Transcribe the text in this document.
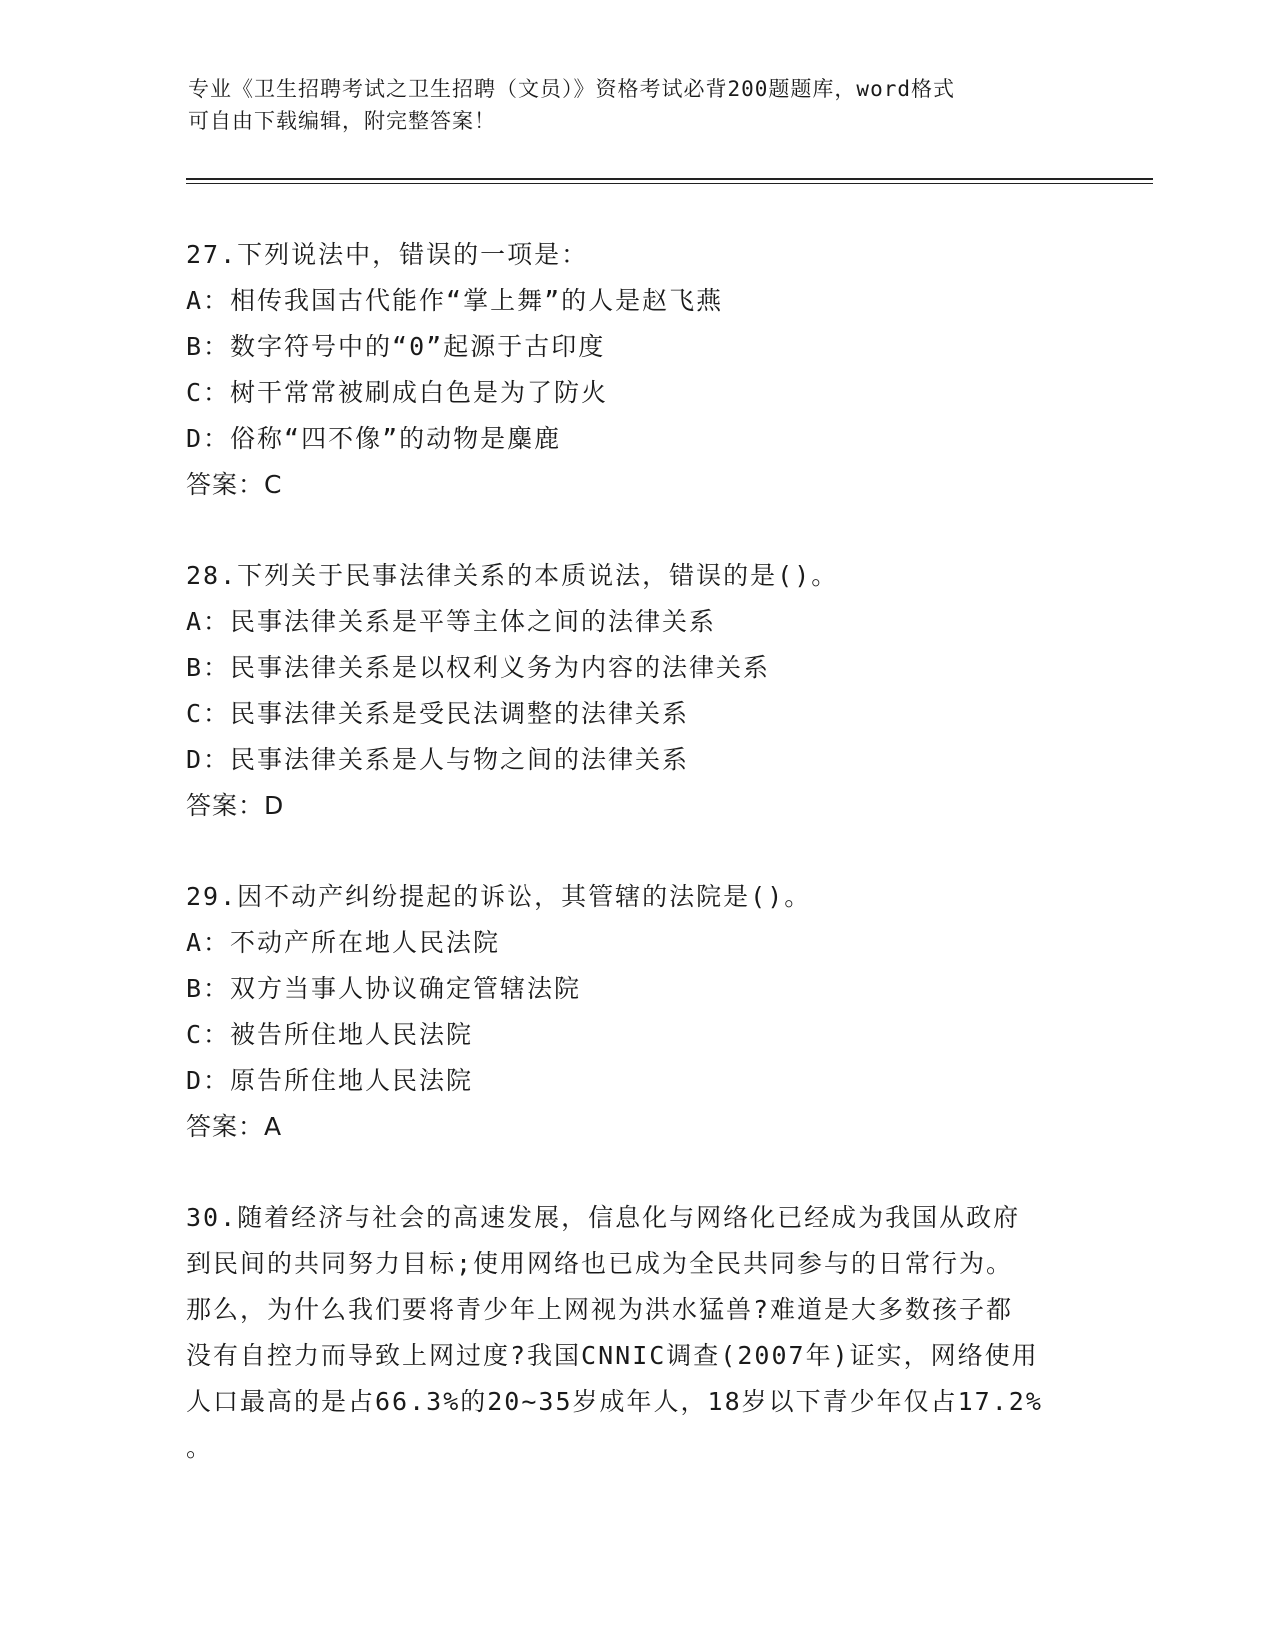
专业《卫生招聘考试之卫生招聘（文员）》资格考试必背200题题库，word格式
可自由下载编辑，附完整答案！
27.下列说法中，错误的一项是：
A：相传我国古代能作“掌上舞”的人是赵飞燕
B：数字符号中的“0”起源于古印度
C：树干常常被刷成白色是为了防火
D：俗称“四不像”的动物是麋鹿
答案：C
28.下列关于民事法律关系的本质说法，错误的是()。
A：民事法律关系是平等主体之间的法律关系
B：民事法律关系是以权利义务为内容的法律关系
C：民事法律关系是受民法调整的法律关系
D：民事法律关系是人与物之间的法律关系
答案：D
29.因不动产纠纷提起的诉讼，其管辖的法院是()。
A：不动产所在地人民法院
B：双方当事人协议确定管辖法院
C：被告所住地人民法院
D：原告所住地人民法院
答案：A
30.随着经济与社会的高速发展，信息化与网络化已经成为我国从政府
到民间的共同努力目标;使用网络也已成为全民共同参与的日常行为。
那么，为什么我们要将青少年上网视为洪水猛兽?难道是大多数孩子都
没有自控力而导致上网过度?我国CNNIC调查(2007年)证实，网络使用
人口最高的是占66.3%的20~35岁成年人，18岁以下青少年仅占17.2%
。
